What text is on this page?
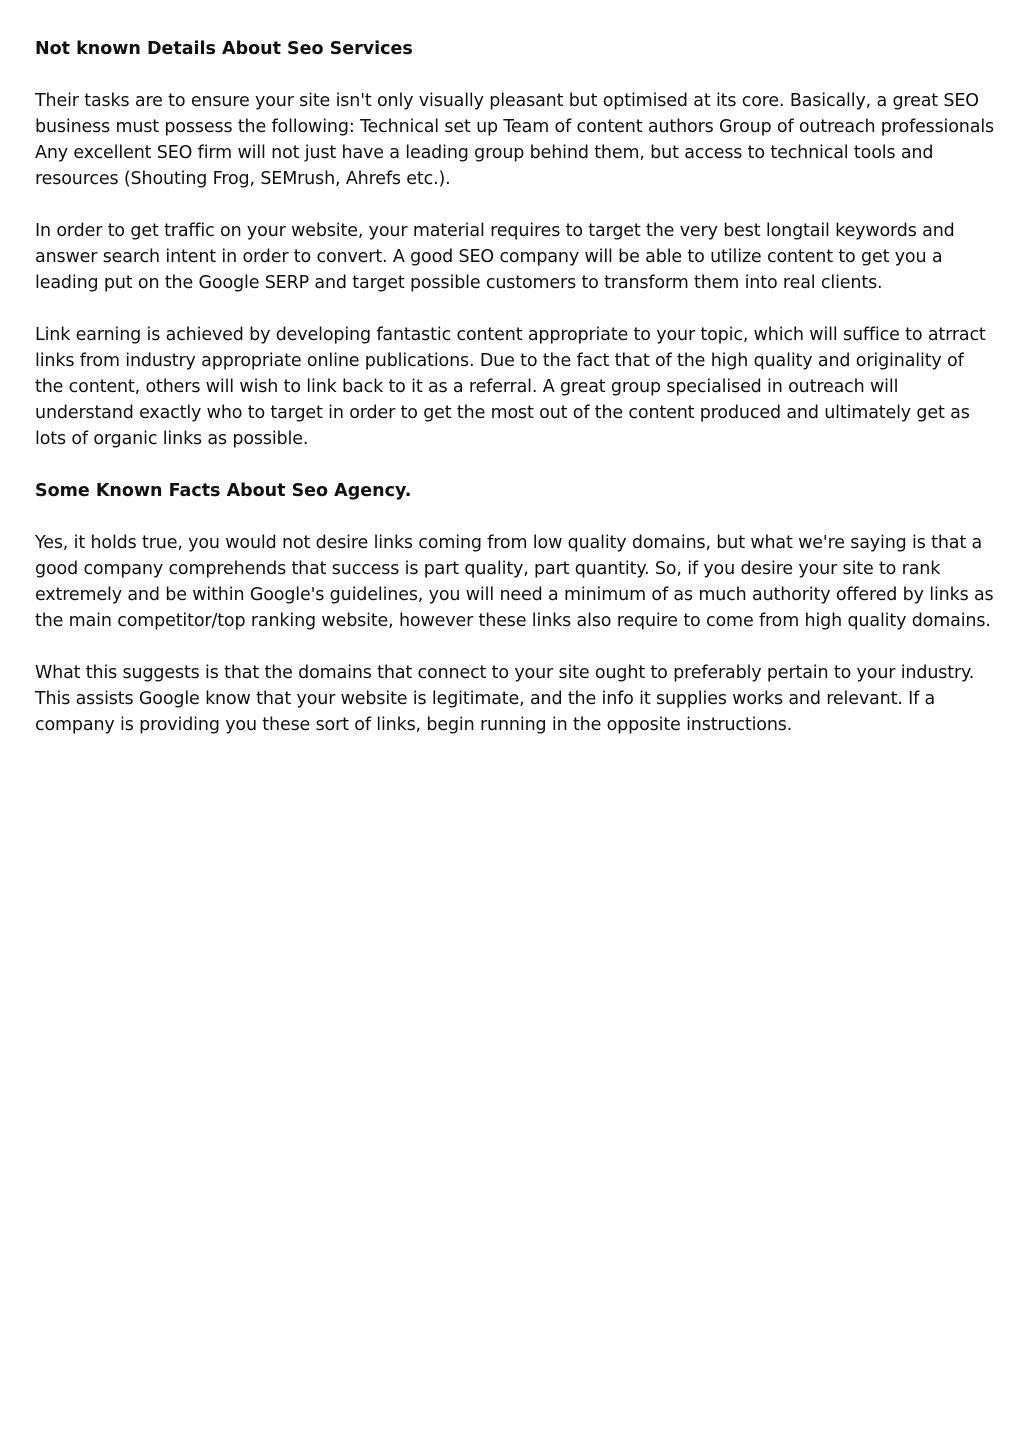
Not known Details About Seo Services

Their tasks are to ensure your site isn't only visually pleasant but optimised at its core. Basically, a great SEO business must possess the following: Technical set up Team of content authors Group of outreach professionals Any excellent SEO firm will not just have a leading group behind them, but access to technical tools and resources (Shouting Frog, SEMrush, Ahrefs etc.).

In order to get traffic on your website, your material requires to target the very best longtail keywords and answer search intent in order to convert. A good SEO company will be able to utilize content to get you a leading put on the Google SERP and target possible customers to transform them into real clients.

Link earning is achieved by developing fantastic content appropriate to your topic, which will suffice to atrract links from industry appropriate online publications. Due to the fact that of the high quality and originality of the content, others will wish to link back to it as a referral. A great group specialised in outreach will understand exactly who to target in order to get the most out of the content produced and ultimately get as lots of organic links as possible.

Some Known Facts About Seo Agency.

Yes, it holds true, you would not desire links coming from low quality domains, but what we're saying is that a good company comprehends that success is part quality, part quantity. So, if you desire your site to rank extremely and be within Google's guidelines, you will need a minimum of as much authority offered by links as the main competitor/top ranking website, however these links also require to come from high quality domains.

What this suggests is that the domains that connect to your site ought to preferably pertain to your industry. This assists Google know that your website is legitimate, and the info it supplies works and relevant. If a company is providing you these sort of links, begin running in the opposite instructions.
